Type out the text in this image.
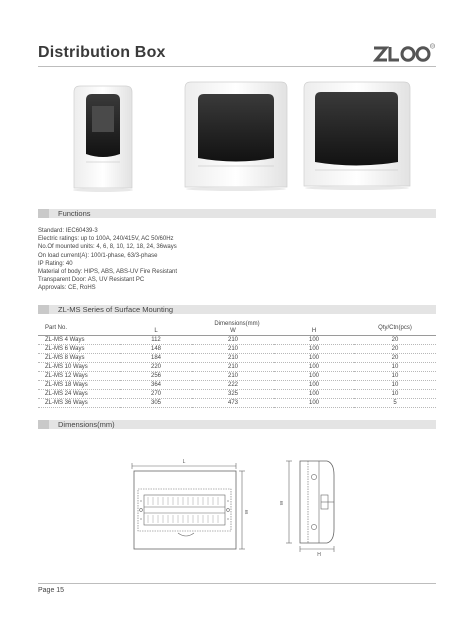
Distribution Box	R
Functions
Standard: IEC60439-3
Electric ratings: up to 100A, 240/415V, AC 50/60Hz
No.Of mounted units: 4, 6, 8, 10, 12, 18, 24, 36ways
On load current(A): 100/1-phase, 63/3-phase
IP Rating: 40
Material of body: HIPS, ABS, ABS-UV Fire Resistant
Transparent Door: AS, UV Resistant PC
Approvals: CE, RoHS
ZL-MS Series of Surface Mounting
Part No.	Dimensions(mm)			Qty/Ctn(pcs)
	L	W	H	
ZL-MS 4 Ways	112	210	100	20
ZL-MS 6 Ways	148	210	100	20
ZL-MS 8 Ways	184	210	100	20
ZL-MS 10 Ways	220	210	100	10
ZL-MS 12 Ways	256	210	100	10
ZL-MS 18 Ways	364	222	100	10
ZL-MS 24 Ways	270	325	100	10
ZL-MS 36 Ways	305	473	100	5
Dimensions(mm)
L
W
W
H
Page 15
